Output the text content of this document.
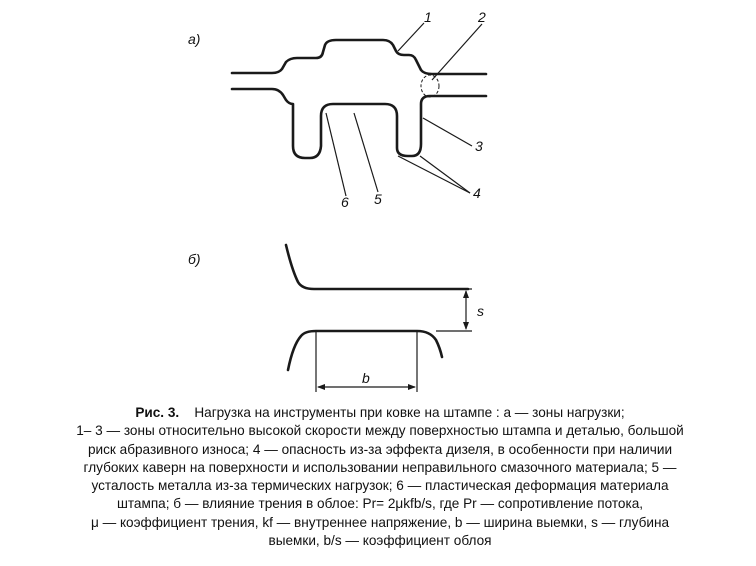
а)
1	2
3
4
5
6
s
b
б)
Рис. 3. Нагрузка на инструменты при ковке на штампе : а — зоны нагрузки;
1– 3 — зоны относительно высокой скорости между поверхностью штампа и деталью, большой
риск абразивного износа; 4 — опасность из-за эффекта дизеля, в особенности при наличии
глубоких каверн на поверхности и использовании неправильного смазочного материала; 5 —
усталость металла из-за термических нагрузок; 6 — пластическая деформация материала
штампа; б — влияние трения в облое: Pr= 2μkfb/s, где Pr — сопротивление потока,
μ — коэффициент трения, kf — внутреннее напряжение, b — ширина выемки, s — глубина
выемки, b/s — коэффициент облоя
